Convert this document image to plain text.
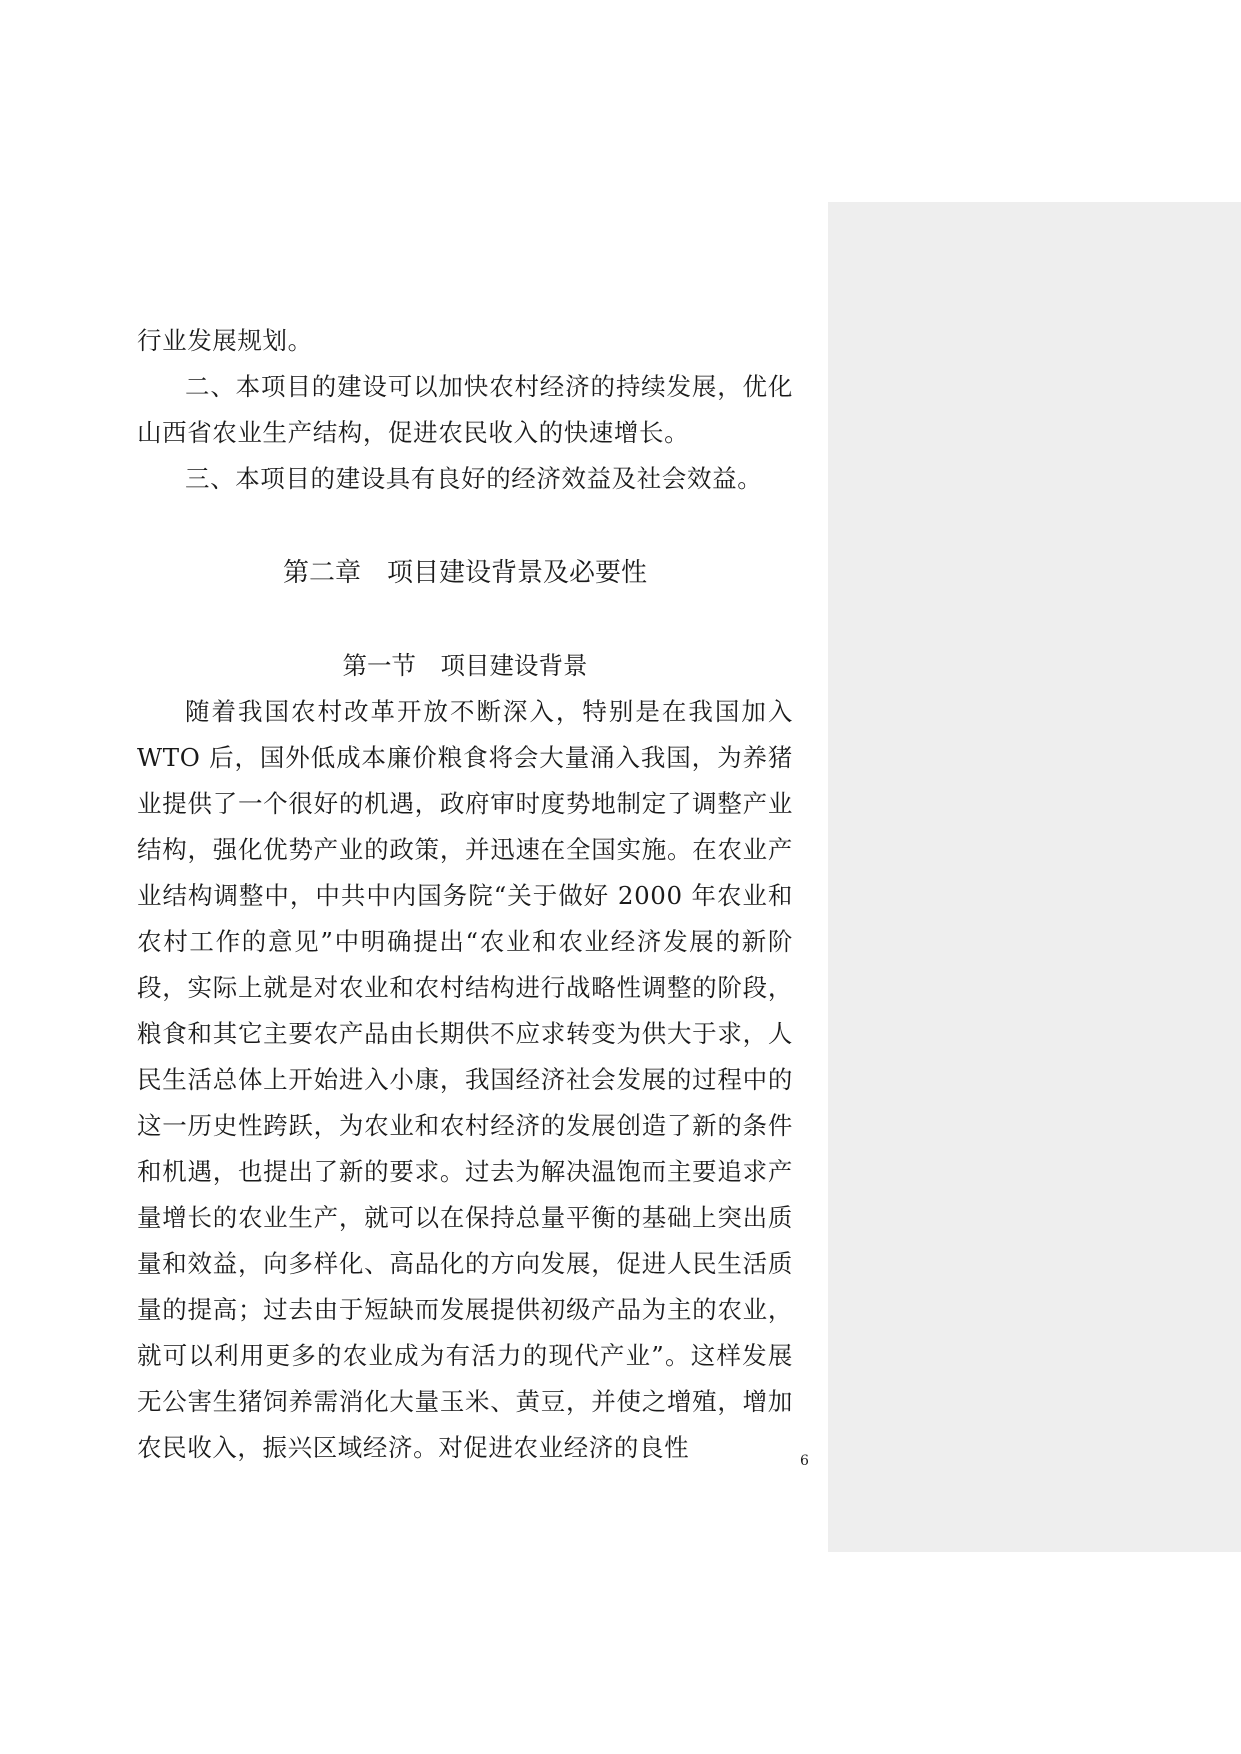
行业发展规划。

二、本项目的建设可以加快农村经济的持续发展，优化山西省农业生产结构，促进农民收入的快速增长。

三、本项目的建设具有良好的经济效益及社会效益。

第二章　项目建设背景及必要性
第一节　项目建设背景

随着我国农村改革开放不断深入，特别是在我国加入 WTO 后，国外低成本廉价粮食将会大量涌入我国，为养猪业提供了一个很好的机遇，政府审时度势地制定了调整产业结构，强化优势产业的政策，并迅速在全国实施。在农业产业结构调整中，中共中内国务院“关于做好 2000 年农业和农村工作的意见”中明确提出“农业和农业经济发展的新阶段，实际上就是对农业和农村结构进行战略性调整的阶段，粮食和其它主要农产品由长期供不应求转变为供大于求，人民生活总体上开始进入小康，我国经济社会发展的过程中的这一历史性跨跃，为农业和农村经济的发展创造了新的条件和机遇，也提出了新的要求。过去为解决温饱而主要追求产量增长的农业生产，就可以在保持总量平衡的基础上突出质量和效益，向多样化、高品化的方向发展，促进人民生活质量的提高；过去由于短缺而发展提供初级产品为主的农业，就可以利用更多的农业成为有活力的现代产业”。这样发展无公害生猪饲养需消化大量玉米、黄豆，并使之增殖，增加农民收入，振兴区域经济。对促进农业经济的良性	6
